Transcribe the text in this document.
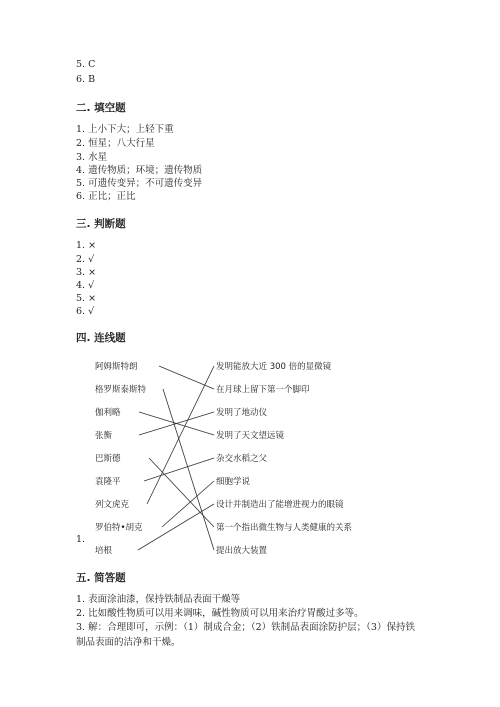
5. C
6. B
二. 填空题
1. 上小下大；上轻下重
2. 恒星；八大行星
3. 水星
4. 遗传物质；环境；遗传物质
5. 可遗传变异；不可遗传变异
6. 正比；正比
三. 判断题
1. ×
2. √
3. ×
4. √
5. ×
6. √
四. 连线题
1.
阿姆斯特朗
格罗斯泰斯特
伽利略
张衡
巴斯德
袁隆平
列文虎克
罗伯特•胡克
培根
发明能放大近 300 倍的显微镜
在月球上留下第一个脚印
发明了地动仪
发明了天文望远镜
杂交水稻之父
细胞学说
设计并制造出了能增进视力的眼镜
第一个指出微生物与人类健康的关系
提出放大装置
五. 简答题
1. 表面涂油漆，保持铁制品表面干燥等
2. 比如酸性物质可以用来调味，碱性物质可以用来治疗胃酸过多等。
3. 解：合理即可，示例：（1）制成合金；（2）铁制品表面涂防护层；（3）保持铁制品表面的洁净和干燥。
